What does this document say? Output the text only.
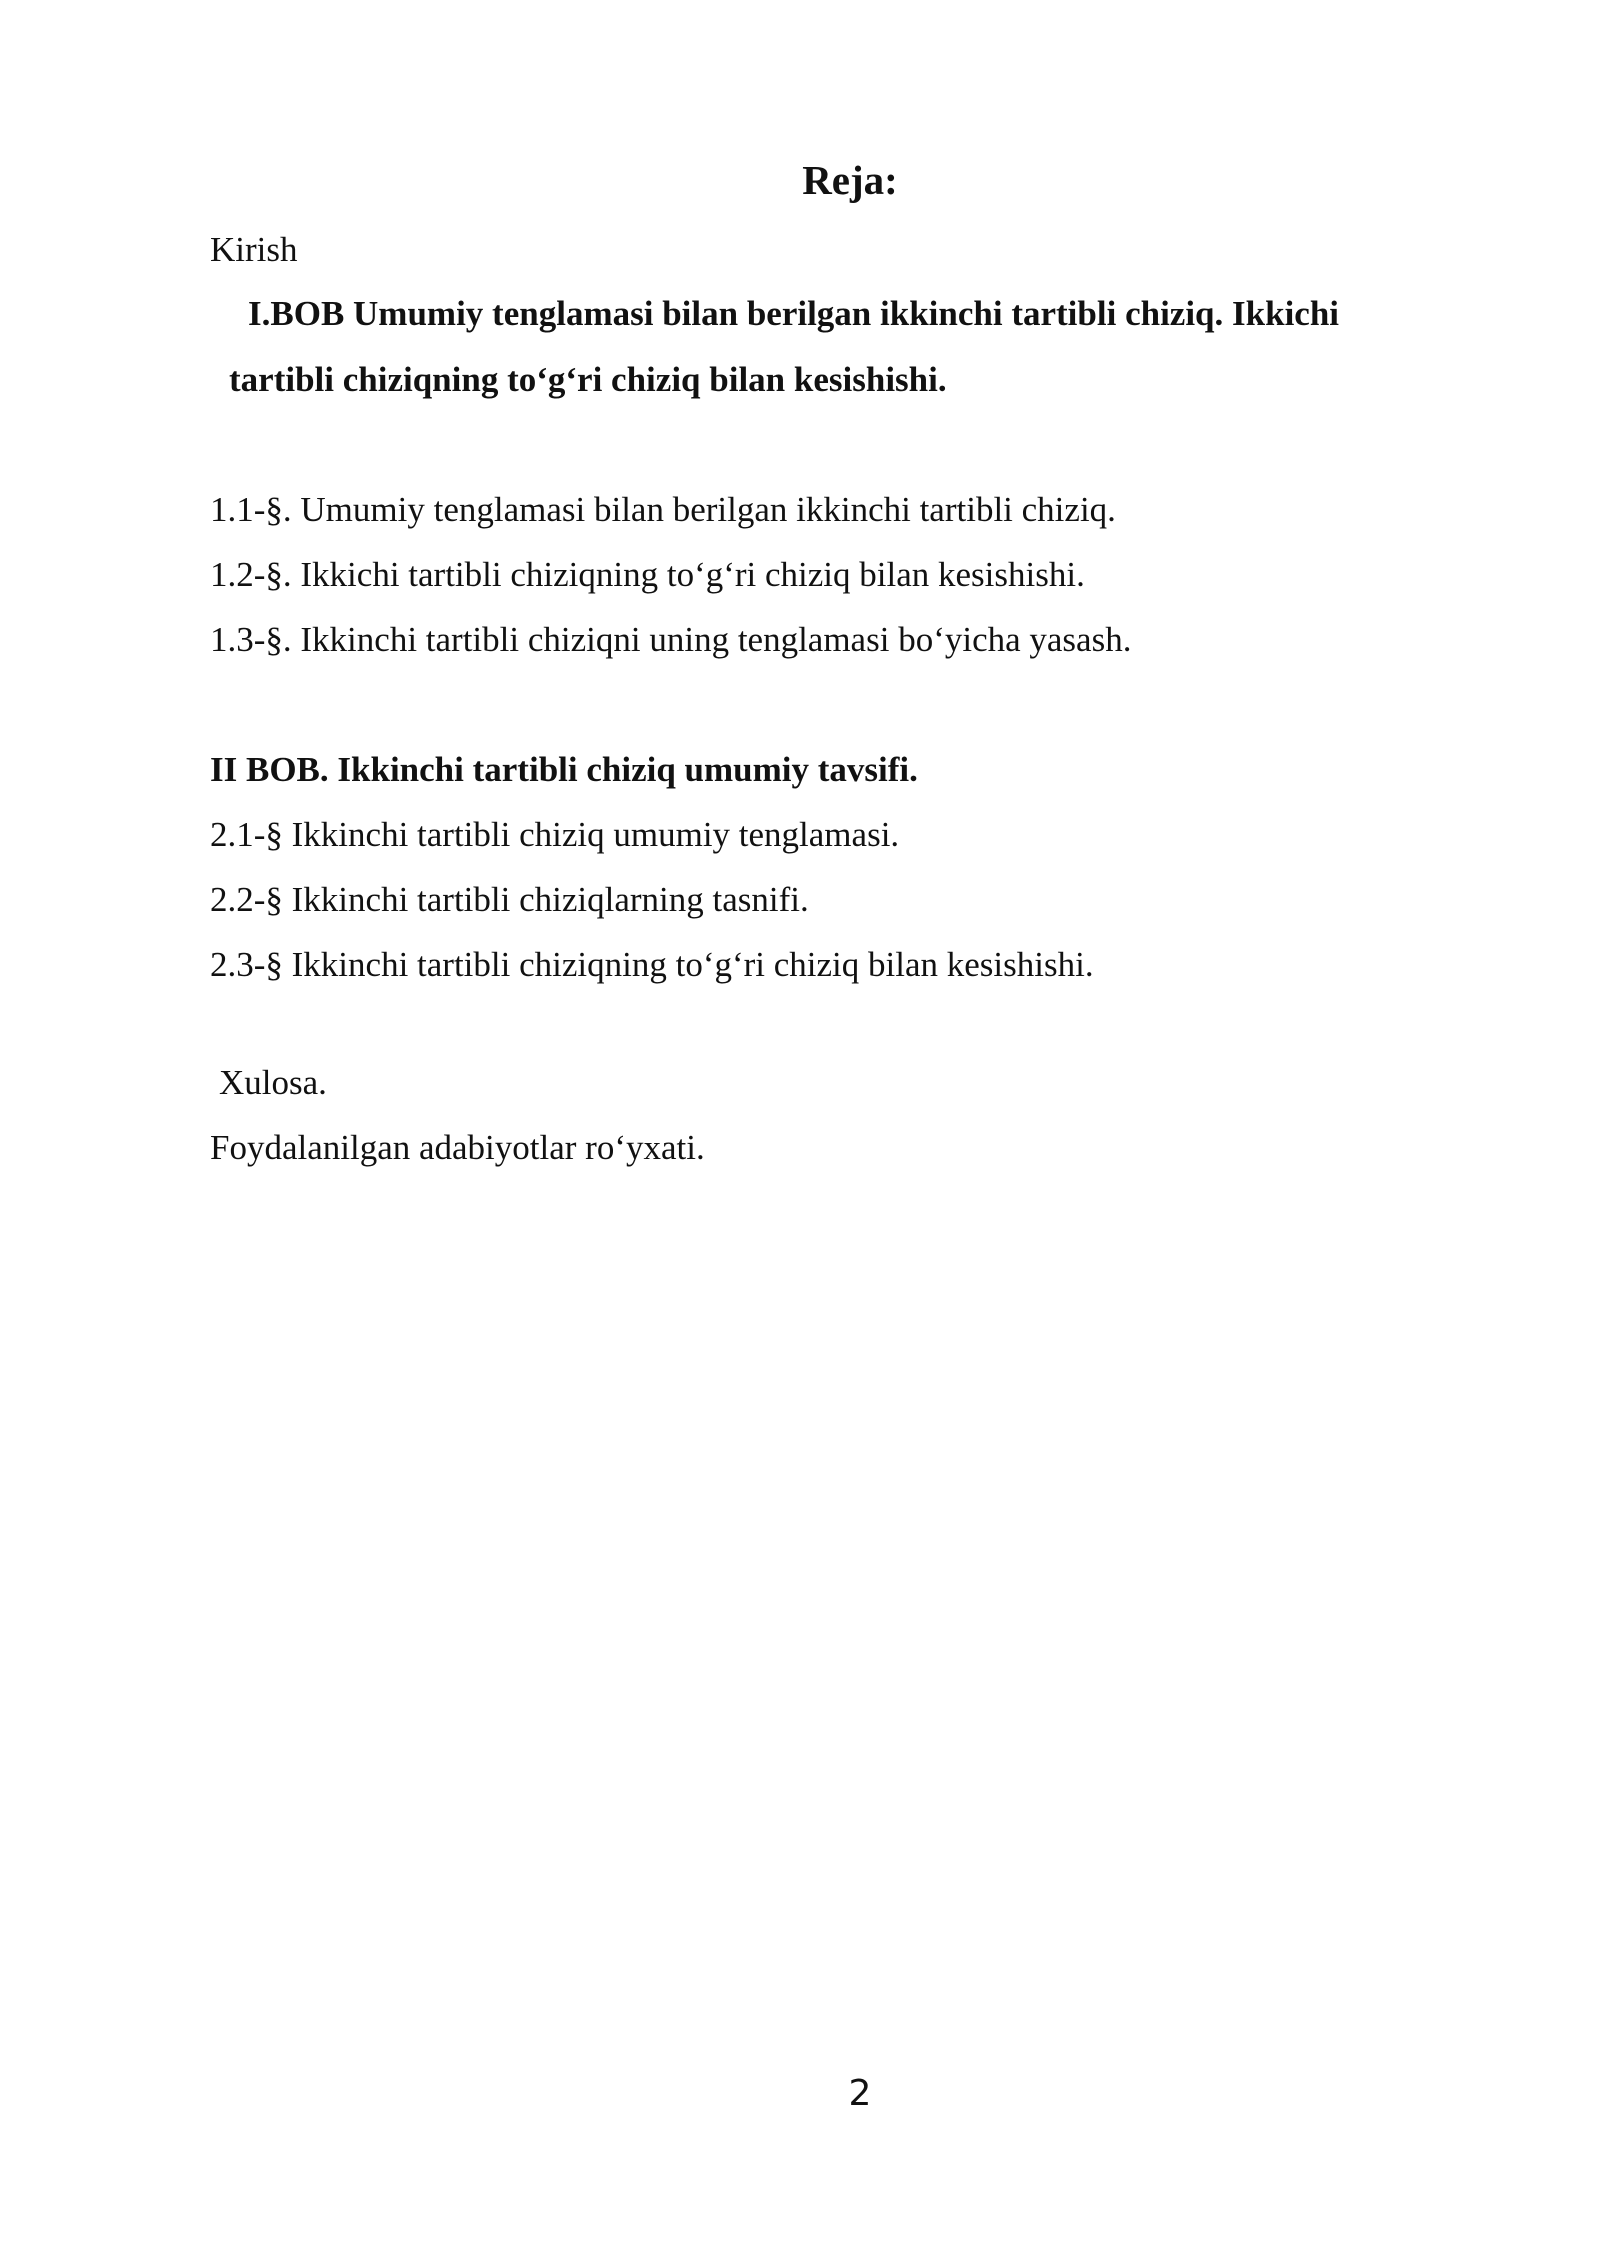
Reja:
Kirish
I.BOB Umumiy tenglamasi bilan berilgan ikkinchi tartibli chiziq. Ikkichi
tartibli chiziqning to‘g‘ri chiziq bilan kesishishi.
1.1-§. Umumiy tenglamasi bilan berilgan ikkinchi tartibli chiziq.
1.2-§. Ikkichi tartibli chiziqning to‘g‘ri chiziq bilan kesishishi.
1.3-§. Ikkinchi tartibli chiziqni uning tenglamasi bo‘yicha yasash.
II BOB. Ikkinchi tartibli chiziq umumiy tavsifi.
2.1-§ Ikkinchi tartibli chiziq umumiy tenglamasi.
2.2-§ Ikkinchi tartibli chiziqlarning tasnifi.
2.3-§ Ikkinchi tartibli chiziqning to‘g‘ri chiziq bilan kesishishi.
Xulosa.
Foydalanilgan adabiyotlar ro‘yxati.
2
